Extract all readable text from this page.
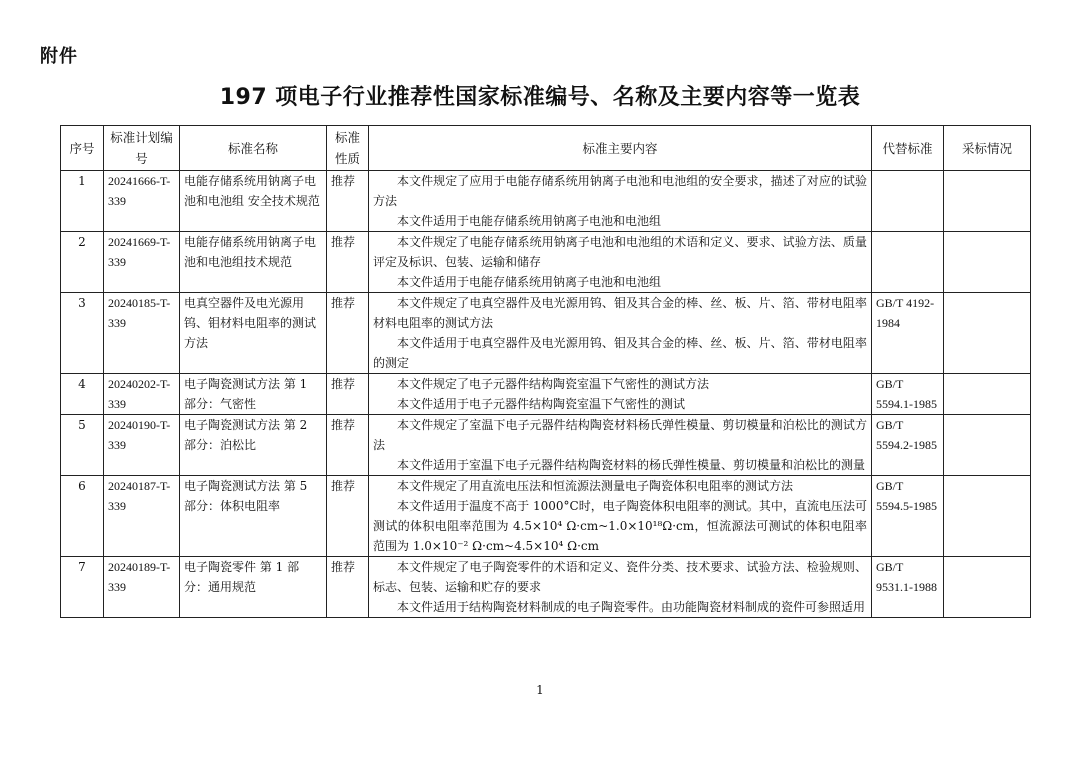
附件
197 项电子行业推荐性国家标准编号、名称及主要内容等一览表
序号	标准计划编号	标准名称	标准性质	标准主要内容	代替标准	采标情况
1	20241666-T-339	电能存储系统用钠离子电池和电池组 安全技术规范	推荐	本文件规定了应用于电能存储系统用钠离子电池和电池组的安全要求，描述了对应的试验方法

本文件适用于电能存储系统用钠离子电池和电池组		

2	20241669-T-339	电能存储系统用钠离子电池和电池组技术规范	推荐	本文件规定了电能存储系统用钠离子电池和电池组的术语和定义、要求、试验方法、质量评定及标识、包装、运输和储存

本文件适用于电能存储系统用钠离子电池和电池组		

3	20240185-T-339	电真空器件及电光源用钨、钼材料电阻率的测试方法	推荐	本文件规定了电真空器件及电光源用钨、钼及其合金的棒、丝、板、片、箔、带材电阻率材料电阻率的测试方法

本文件适用于电真空器件及电光源用钨、钼及其合金的棒、丝、板、片、箔、带材电阻率的测定	GB/T 4192-1984	
4	20240202-T-339	电子陶瓷测试方法 第 1 部分：气密性	推荐	本文件规定了电子元器件结构陶瓷室温下气密性的测试方法

本文件适用于电子元器件结构陶瓷室温下气密性的测试	GB/T 5594.1-1985	
5	20240190-T-339	电子陶瓷测试方法 第 2 部分：泊松比	推荐	本文件规定了室温下电子元器件结构陶瓷材料杨氏弹性模量、剪切模量和泊松比的测试方法

本文件适用于室温下电子元器件结构陶瓷材料的杨氏弹性模量、剪切模量和泊松比的测量	GB/T 5594.2-1985	
6	20240187-T-339	电子陶瓷测试方法 第 5 部分：体积电阻率	推荐	本文件规定了用直流电压法和恒流源法测量电子陶瓷体积电阻率的测试方法

本文件适用于温度不高于 1000°C时，电子陶瓷体积电阻率的测试。其中，直流电压法可测试的体积电阻率范围为 4.5×10⁴ Ω·cm~1.0×10¹⁸Ω·cm，恒流源法可测试的体积电阻率范围为 1.0×10⁻² Ω·cm~4.5×10⁴ Ω·cm	GB/T 5594.5-1985	
7	20240189-T-339	电子陶瓷零件 第 1 部分：通用规范	推荐	本文件规定了电子陶瓷零件的术语和定义、瓷件分类、技术要求、试验方法、检验规则、标志、包装、运输和贮存的要求

本文件适用于结构陶瓷材料制成的电子陶瓷零件。由功能陶瓷材料制成的瓷件可参照适用	GB/T 9531.1-1988	
1
